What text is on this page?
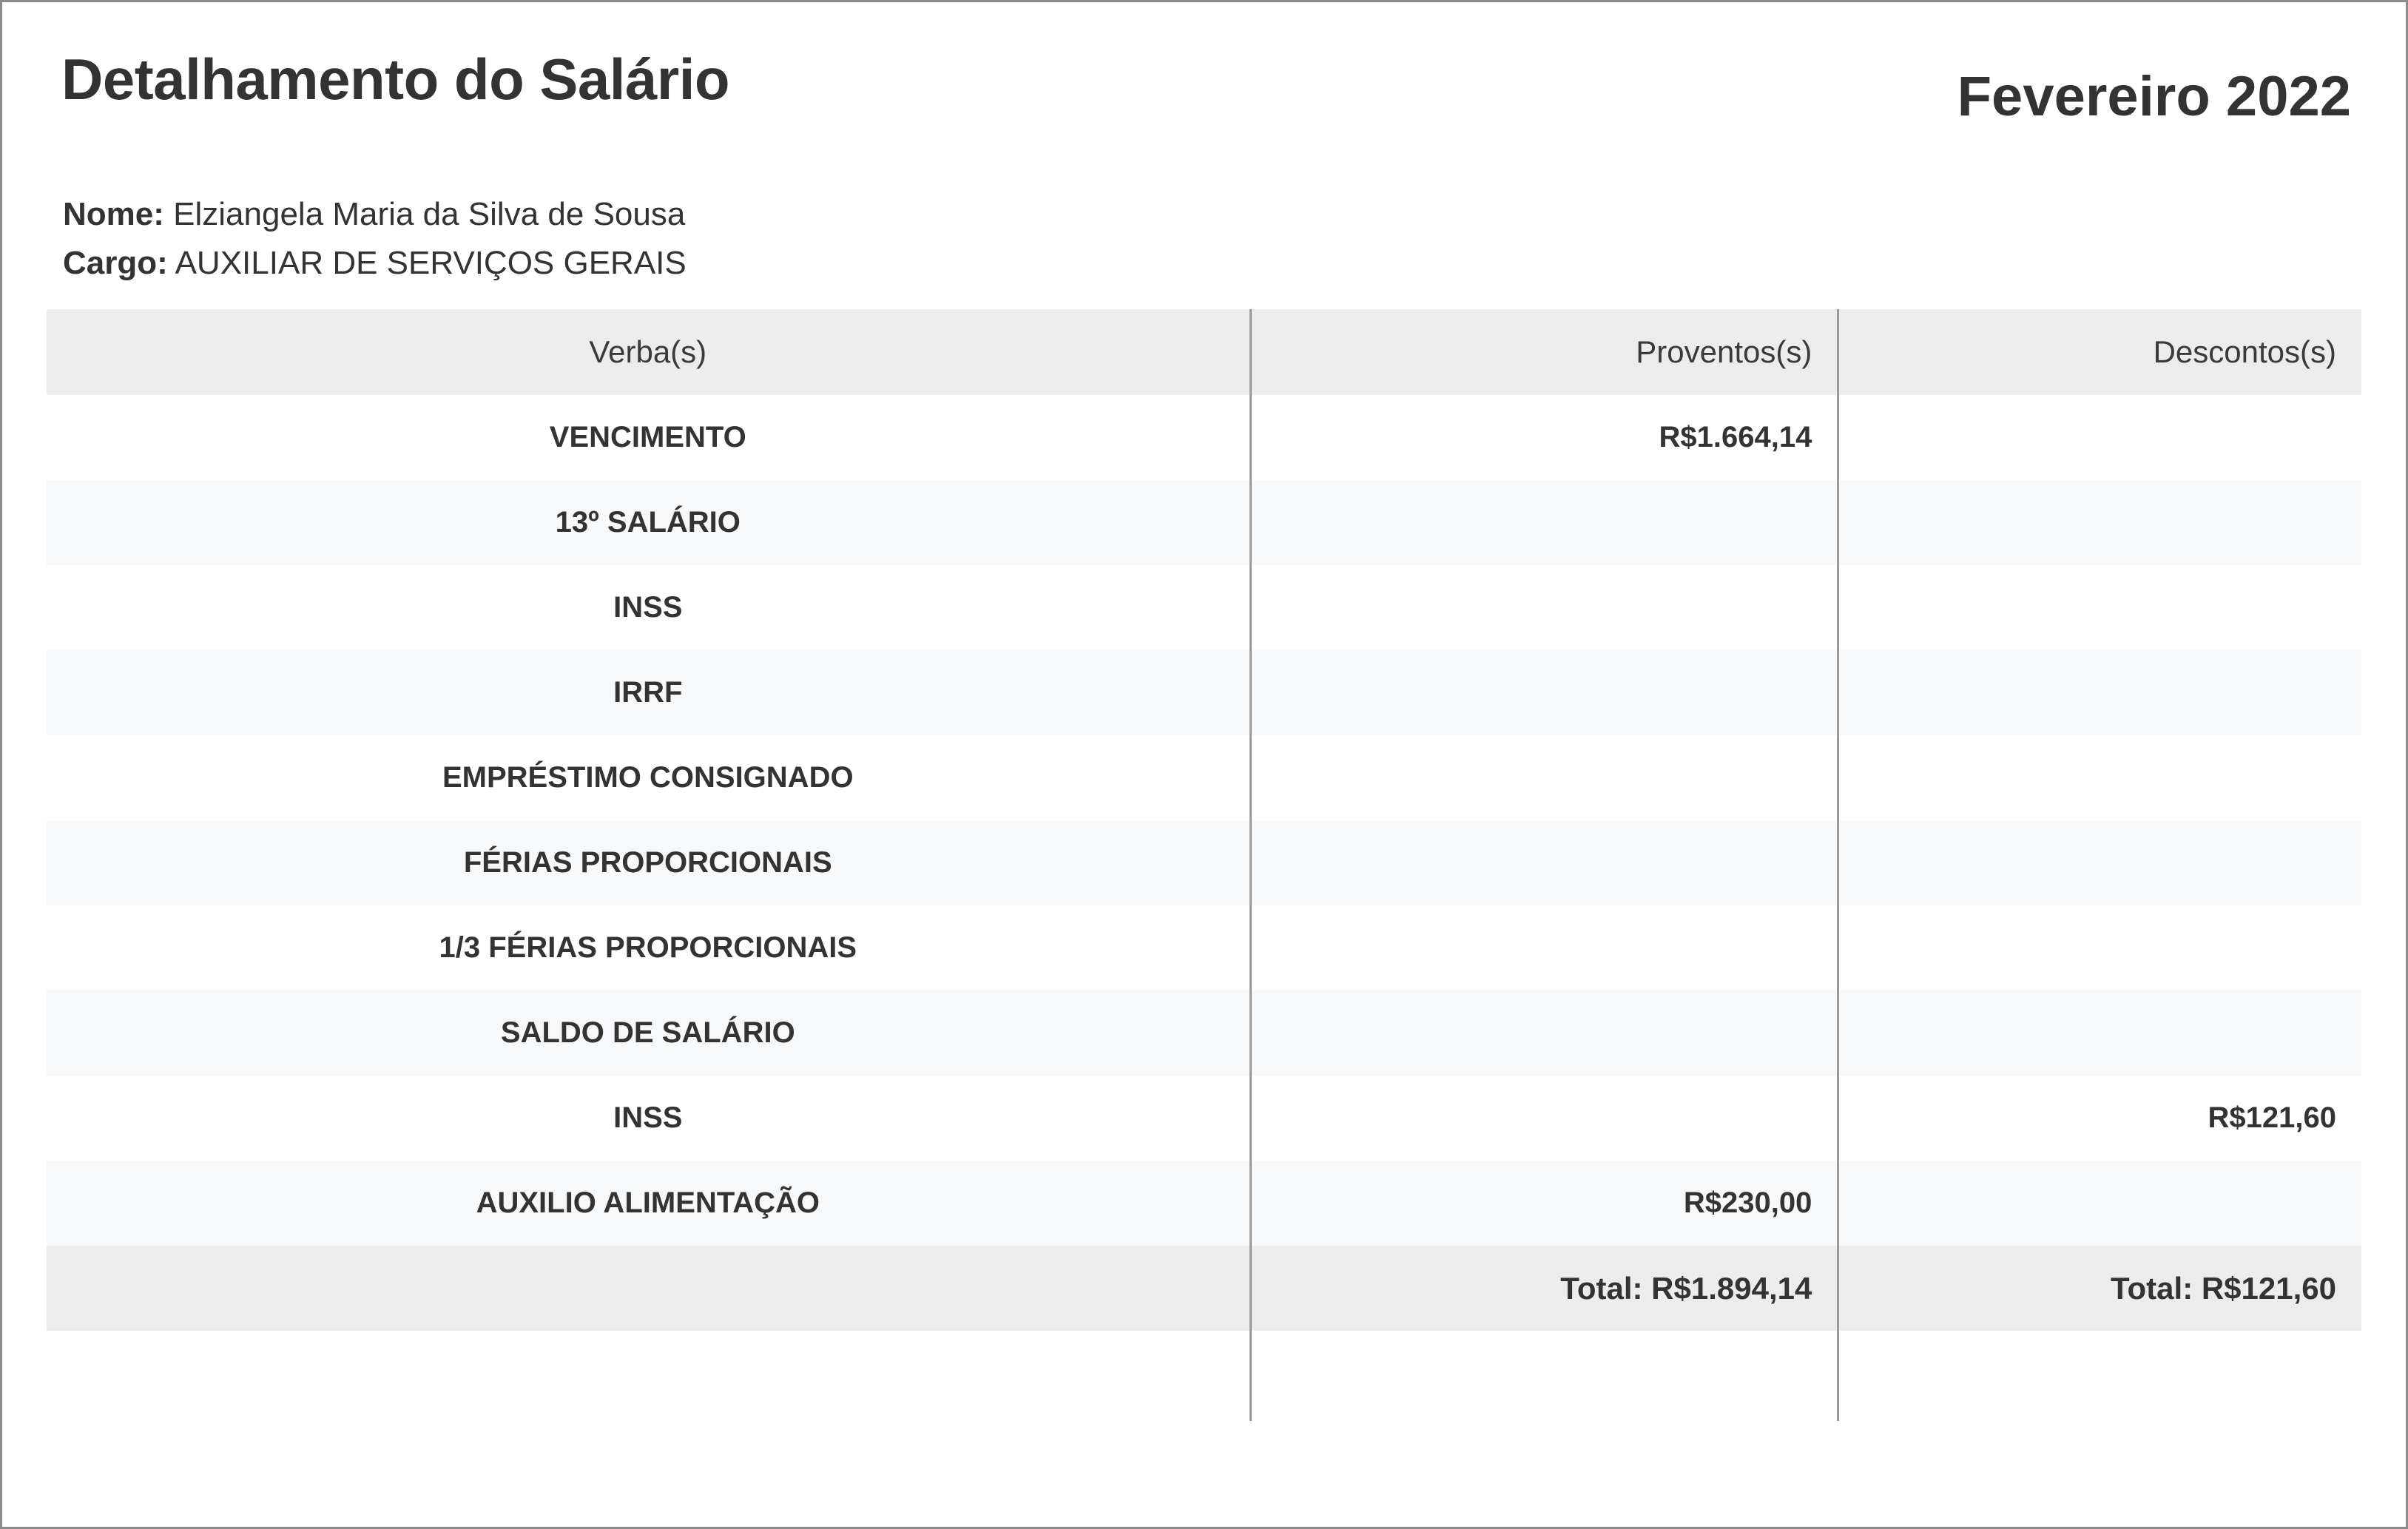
Detalhamento do Salário	Fevereiro 2022
Nome: Elziangela Maria da Silva de Sousa
Cargo: AUXILIAR DE SERVIÇOS GERAIS
Verba(s)	Proventos(s)	Descontos(s)
VENCIMENTO	R$1.664,14	
13º SALÁRIO		
INSS		
IRRF		
EMPRÉSTIMO CONSIGNADO		
FÉRIAS PROPORCIONAIS		
1/3 FÉRIAS PROPORCIONAIS		
SALDO DE SALÁRIO		
INSS		R$121,60
AUXILIO ALIMENTAÇÃO	R$230,00	
	Total: R$1.894,14	Total: R$121,60
